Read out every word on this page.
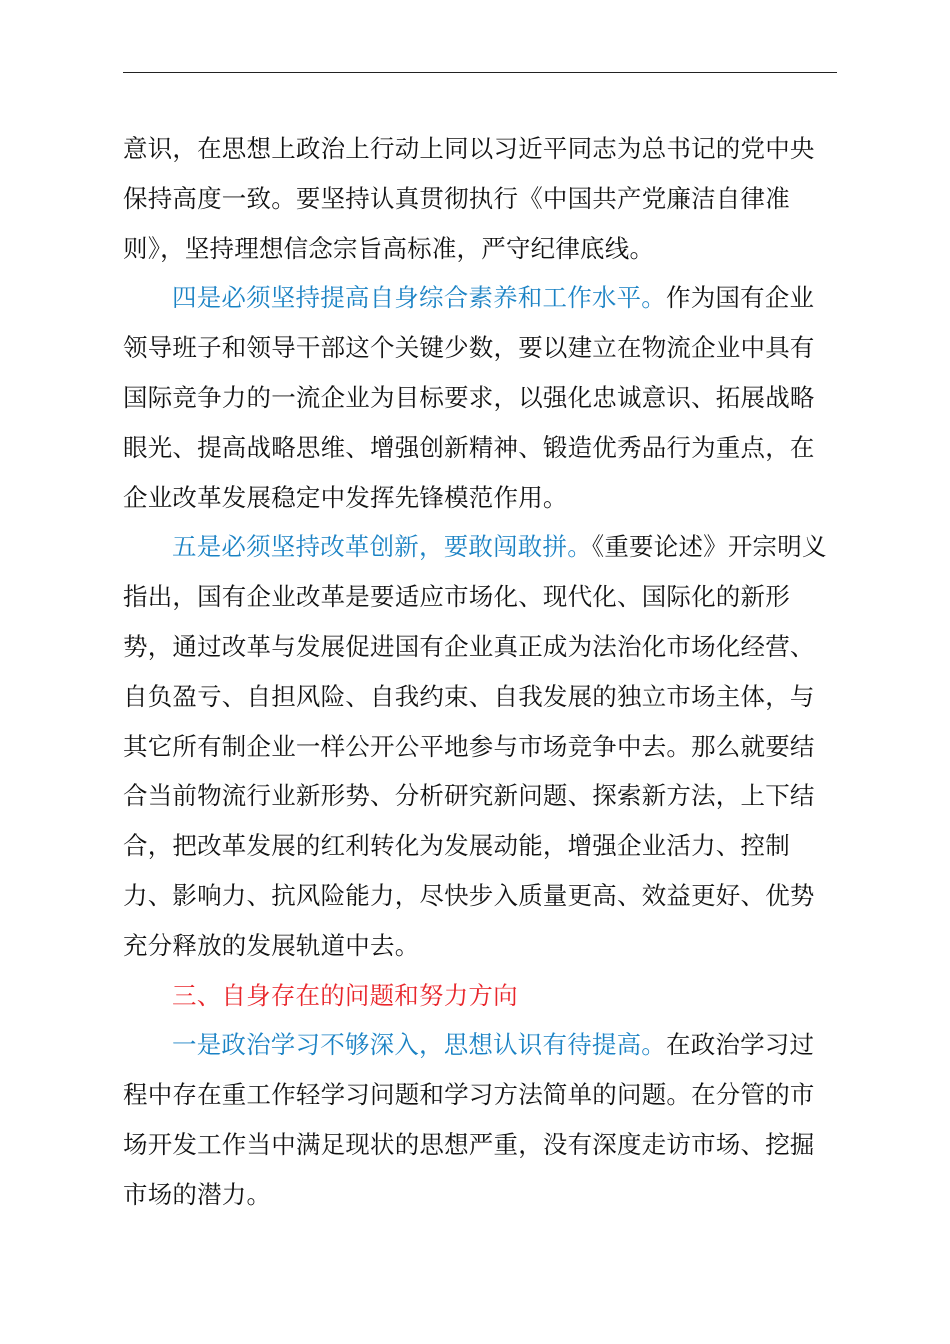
意识，在思想上政治上行动上同以习近平同志为总书记的党中央保持高度一致。要坚持认真贯彻执行《中国共产党廉洁自律准则》，坚持理想信念宗旨高标准，严守纪律底线。

四是必须坚持提高自身综合素养和工作水平。作为国有企业领导班子和领导干部这个关键少数，要以建立在物流企业中具有国际竞争力的一流企业为目标要求，以强化忠诚意识、拓展战略眼光、提高战略思维、增强创新精神、锻造优秀品行为重点，在企业改革发展稳定中发挥先锋模范作用。

五是必须坚持改革创新，要敢闯敢拼。《重要论述》开宗明义指出，国有企业改革是要适应市场化、现代化、国际化的新形势，通过改革与发展促进国有企业真正成为法治化市场化经营、自负盈亏、自担风险、自我约束、自我发展的独立市场主体，与其它所有制企业一样公开公平地参与市场竞争中去。那么就要结合当前物流行业新形势、分析研究新问题、探索新方法，上下结合，把改革发展的红利转化为发展动能，增强企业活力、控制力、影响力、抗风险能力，尽快步入质量更高、效益更好、优势充分释放的发展轨道中去。

三、自身存在的问题和努力方向

一是政治学习不够深入，思想认识有待提高。在政治学习过程中存在重工作轻学习问题和学习方法简单的问题。在分管的市场开发工作当中满足现状的思想严重，没有深度走访市场、挖掘市场的潜力。
